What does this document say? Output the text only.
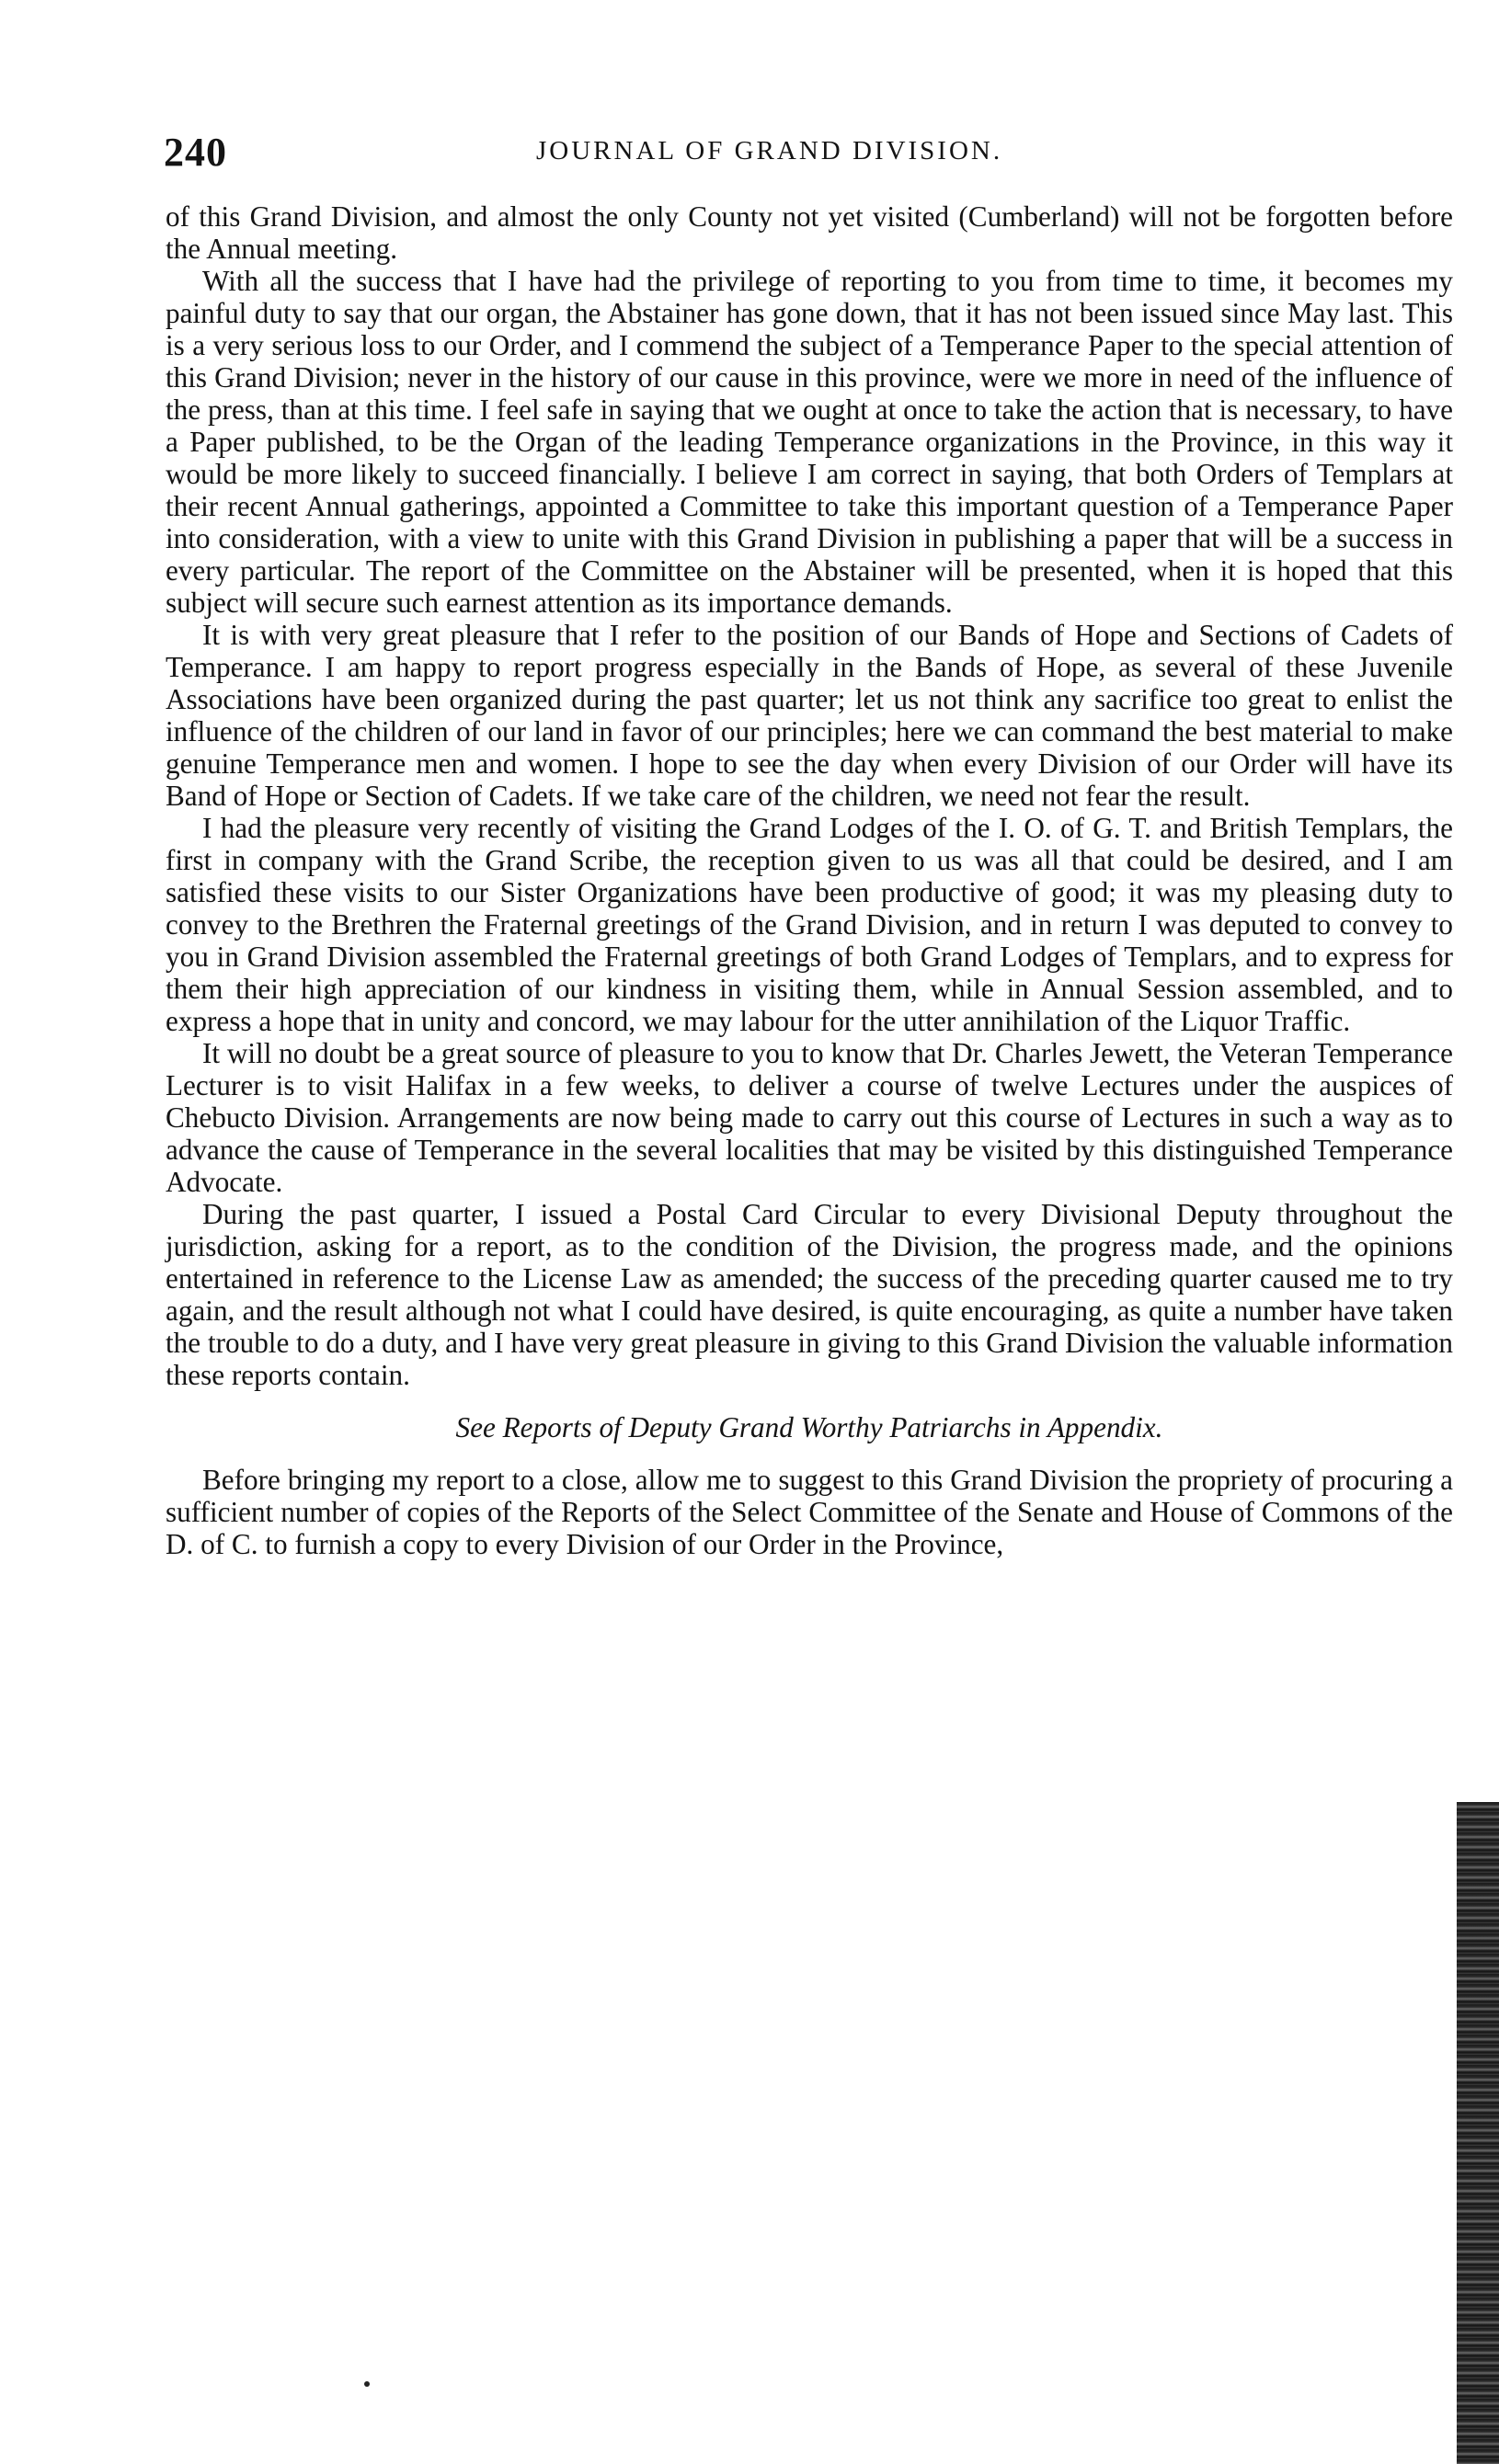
240	JOURNAL OF GRAND DIVISION.

of this Grand Division, and almost the only County not yet visited (Cumberland) will not be forgotten before the Annual meeting.

With all the success that I have had the privilege of reporting to you from time to time, it becomes my painful duty to say that our organ, the Abstainer has gone down, that it has not been issued since May last. This is a very serious loss to our Order, and I commend the subject of a Temperance Paper to the special attention of this Grand Division; never in the history of our cause in this province, were we more in need of the influence of the press, than at this time. I feel safe in saying that we ought at once to take the action that is necessary, to have a Paper published, to be the Organ of the leading Temperance organizations in the Province, in this way it would be more likely to succeed financially. I believe I am correct in saying, that both Orders of Templars at their recent Annual gatherings, appointed a Committee to take this important question of a Temperance Paper into consideration, with a view to unite with this Grand Division in publishing a paper that will be a success in every particular. The report of the Committee on the Abstainer will be presented, when it is hoped that this subject will secure such earnest attention as its importance demands.

It is with very great pleasure that I refer to the position of our Bands of Hope and Sections of Cadets of Temperance. I am happy to report progress especially in the Bands of Hope, as several of these Juvenile Associations have been organized during the past quarter; let us not think any sacrifice too great to enlist the influence of the children of our land in favor of our principles; here we can command the best material to make genuine Temperance men and women. I hope to see the day when every Division of our Order will have its Band of Hope or Section of Cadets. If we take care of the children, we need not fear the result.

I had the pleasure very recently of visiting the Grand Lodges of the I. O. of G. T. and British Templars, the first in company with the Grand Scribe, the reception given to us was all that could be desired, and I am satisfied these visits to our Sister Organizations have been productive of good; it was my pleasing duty to convey to the Brethren the Fraternal greetings of the Grand Division, and in return I was deputed to convey to you in Grand Division assembled the Fraternal greetings of both Grand Lodges of Templars, and to express for them their high appreciation of our kindness in visiting them, while in Annual Session assembled, and to express a hope that in unity and concord, we may labour for the utter annihilation of the Liquor Traffic.

It will no doubt be a great source of pleasure to you to know that Dr. Charles Jewett, the Veteran Temperance Lecturer is to visit Halifax in a few weeks, to deliver a course of twelve Lectures under the auspices of Chebucto Division. Arrangements are now being made to carry out this course of Lectures in such a way as to advance the cause of Temperance in the several localities that may be visited by this distinguished Temperance Advocate.

During the past quarter, I issued a Postal Card Circular to every Divisional Deputy throughout the jurisdiction, asking for a report, as to the condition of the Division, the progress made, and the opinions entertained in reference to the License Law as amended; the success of the preceding quarter caused me to try again, and the result although not what I could have desired, is quite encouraging, as quite a number have taken the trouble to do a duty, and I have very great pleasure in giving to this Grand Division the valuable information these reports contain.

See Reports of Deputy Grand Worthy Patriarchs in Appendix.

Before bringing my report to a close, allow me to suggest to this Grand Division the propriety of procuring a sufficient number of copies of the Reports of the Select Committee of the Senate and House of Commons of the D. of C. to furnish a copy to every Division of our Order in the Province,
